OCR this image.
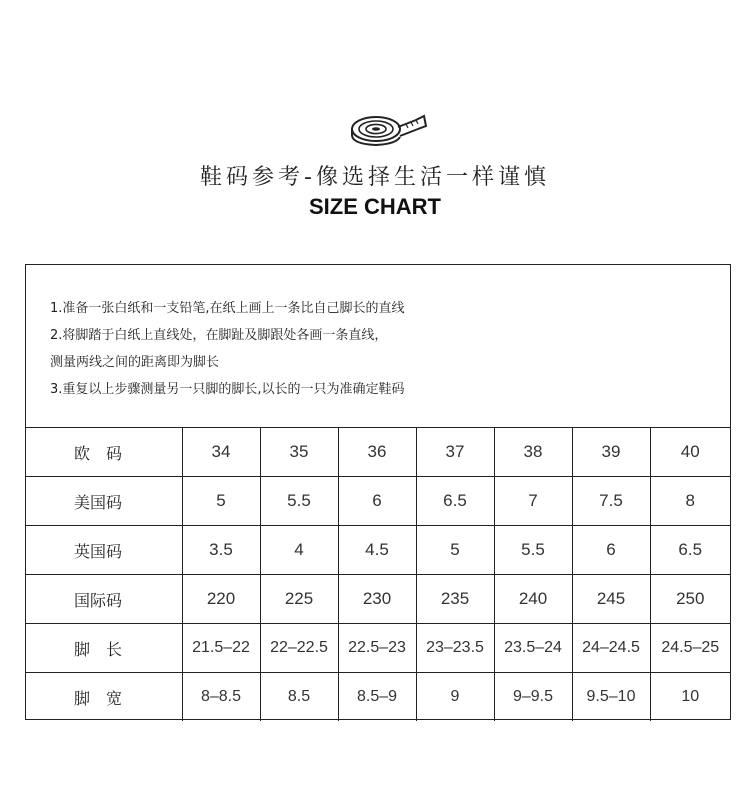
鞋码参考-像选择生活一样谨慎
SIZE CHART
1.准备一张白纸和一支铅笔,在纸上画上一条比自己脚长的直线
2.将脚踏于白纸上直线处，在脚趾及脚跟处各画一条直线，
测量两线之间的距离即为脚长
3.重复以上步骤测量另一只脚的脚长,以长的一只为准确定鞋码
欧　码	34	35	36	37	38	39	40
美国码	5	5.5	6	6.5	7	7.5	8
英国码	3.5	4	4.5	5	5.5	6	6.5
国际码	220	225	230	235	240	245	250
脚　长	21.5–22	22–22.5	22.5–23	23–23.5	23.5–24	24–24.5	24.5–25
脚　宽	8–8.5	8.5	8.5–9	9	9–9.5	9.5–10	10
